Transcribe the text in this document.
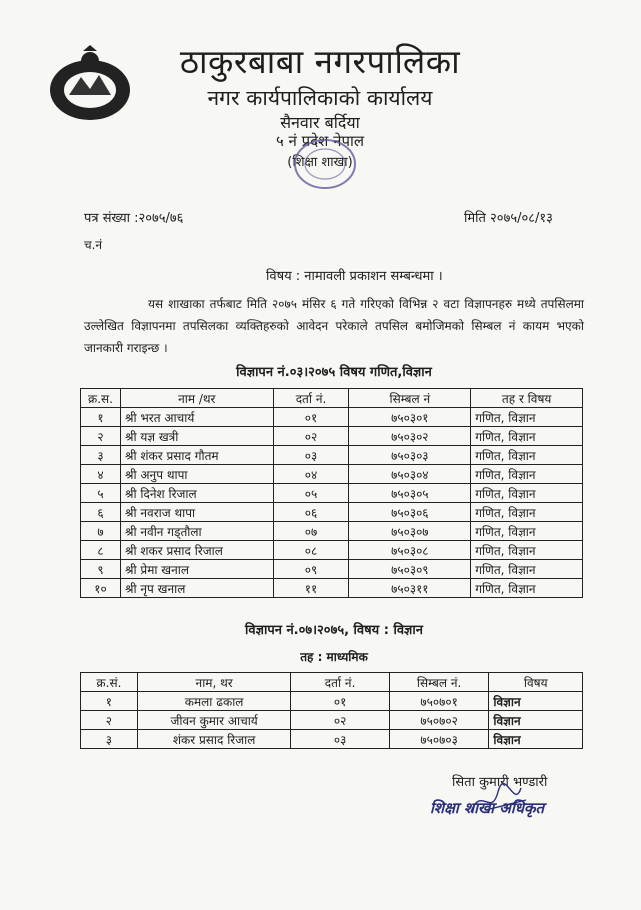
ठाकुरबाबा नगरपालिका
नगर कार्यपालिकाको कार्यालय
सैनवार बर्दिया
५ नं प्रदेश नेपाल
(शिक्षा शाखा)
पत्र संख्या :२०७५/७६	मिति २०७५/०८/१३
च.नं
विषय : नामावली प्रकाशन सम्बन्धमा ।
यस शाखाका तर्फबाट मिति २०७५ मंसिर ६ गते गरिएको विभिन्न २ वटा विज्ञापनहरु मध्ये तपसिलमा उल्लेखित विज्ञापनमा तपसिलका व्यक्तिहरुको आवेदन परेकाले तपसिल बमोजिमको सिम्बल नं कायम भएको जानकारी गराइन्छ ।
विज्ञापन नं.०३।२०७५ विषय गणित,विज्ञान
क्र.स.	नाम /थर	दर्ता नं.	सिम्बल नं	तह र विषय
१	श्री भरत आचार्य	०१	७५०३०१	गणित, विज्ञान
२	श्री यज्ञ खत्री	०२	७५०३०२	गणित, विज्ञान
३	श्री शंकर प्रसाद गौतम	०३	७५०३०३	गणित, विज्ञान
४	श्री अनुप थापा	०४	७५०३०४	गणित, विज्ञान
५	श्री दिनेश रिजाल	०५	७५०३०५	गणित, विज्ञान
६	श्री नवराज थापा	०६	७५०३०६	गणित, विज्ञान
७	श्री नवीन गड्तौला	०७	७५०३०७	गणित, विज्ञान
८	श्री शकर प्रसाद रिजाल	०८	७५०३०८	गणित, विज्ञान
९	श्री प्रेमा खनाल	०९	७५०३०९	गणित, विज्ञान
१०	श्री नृप खनाल	११	७५०३११	गणित, विज्ञान
विज्ञापन नं.०७।२०७५, विषय : विज्ञान
तह : माध्यमिक
क्र.सं.	नाम, थर	दर्ता नं.	सिम्बल नं.	विषय
१	कमला ढकाल	०१	७५०७०१	विज्ञान
२	जीवन कुमार आचार्य	०२	७५०७०२	विज्ञान
३	शंकर प्रसाद रिजाल	०३	७५०७०३	विज्ञान
सिता कुमारी भण्डारी
शिक्षा शाखा अधिकृत
